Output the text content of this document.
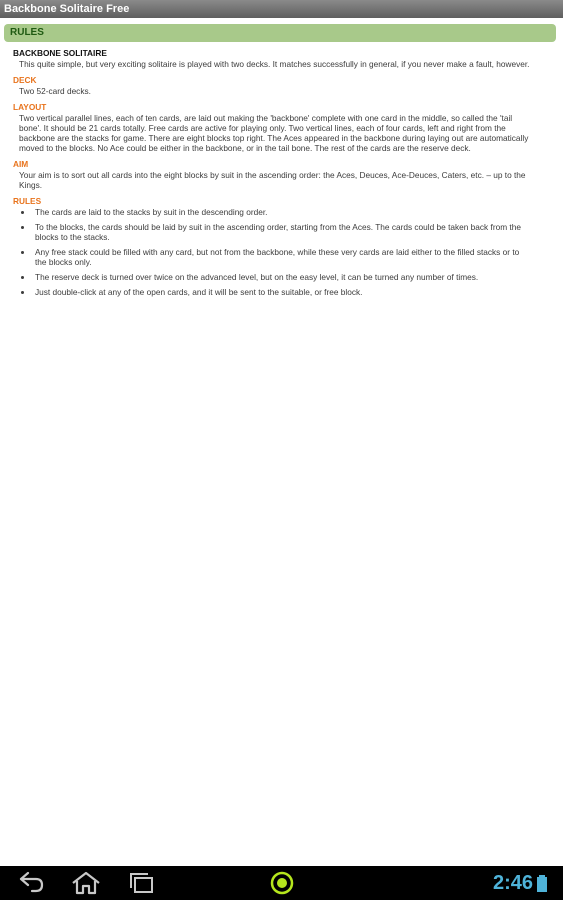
Backbone Solitaire Free
RULES
BACKBONE SOLITAIRE
This quite simple, but very exciting solitaire is played with two decks. It matches successfully in general, if you never make a fault, however.
DECK
Two 52-card decks.
LAYOUT
Two vertical parallel lines, each of ten cards, are laid out making the 'backbone' complete with one card in the middle, so called the 'tail bone'. It should be 21 cards totally. Free cards are active for playing only. Two vertical lines, each of four cards, left and right from the backbone are the stacks for game. There are eight blocks top right. The Aces appeared in the backbone during laying out are automatically moved to the blocks. No Ace could be either in the backbone, or in the tail bone. The rest of the cards are the reserve deck.
AIM
Your aim is to sort out all cards into the eight blocks by suit in the ascending order: the Aces, Deuces, Ace-Deuces, Caters, etc. – up to the Kings.
RULES
• The cards are laid to the stacks by suit in the descending order.
• To the blocks, the cards should be laid by suit in the ascending order, starting from the Aces. The cards could be taken back from the blocks to the stacks.
• Any free stack could be filled with any card, but not from the backbone, while these very cards are laid either to the filled stacks or to the blocks only.
• The reserve deck is turned over twice on the advanced level, but on the easy level, it can be turned any number of times.
• Just double-click at any of the open cards, and it will be sent to the suitable, or free block.
2:46
